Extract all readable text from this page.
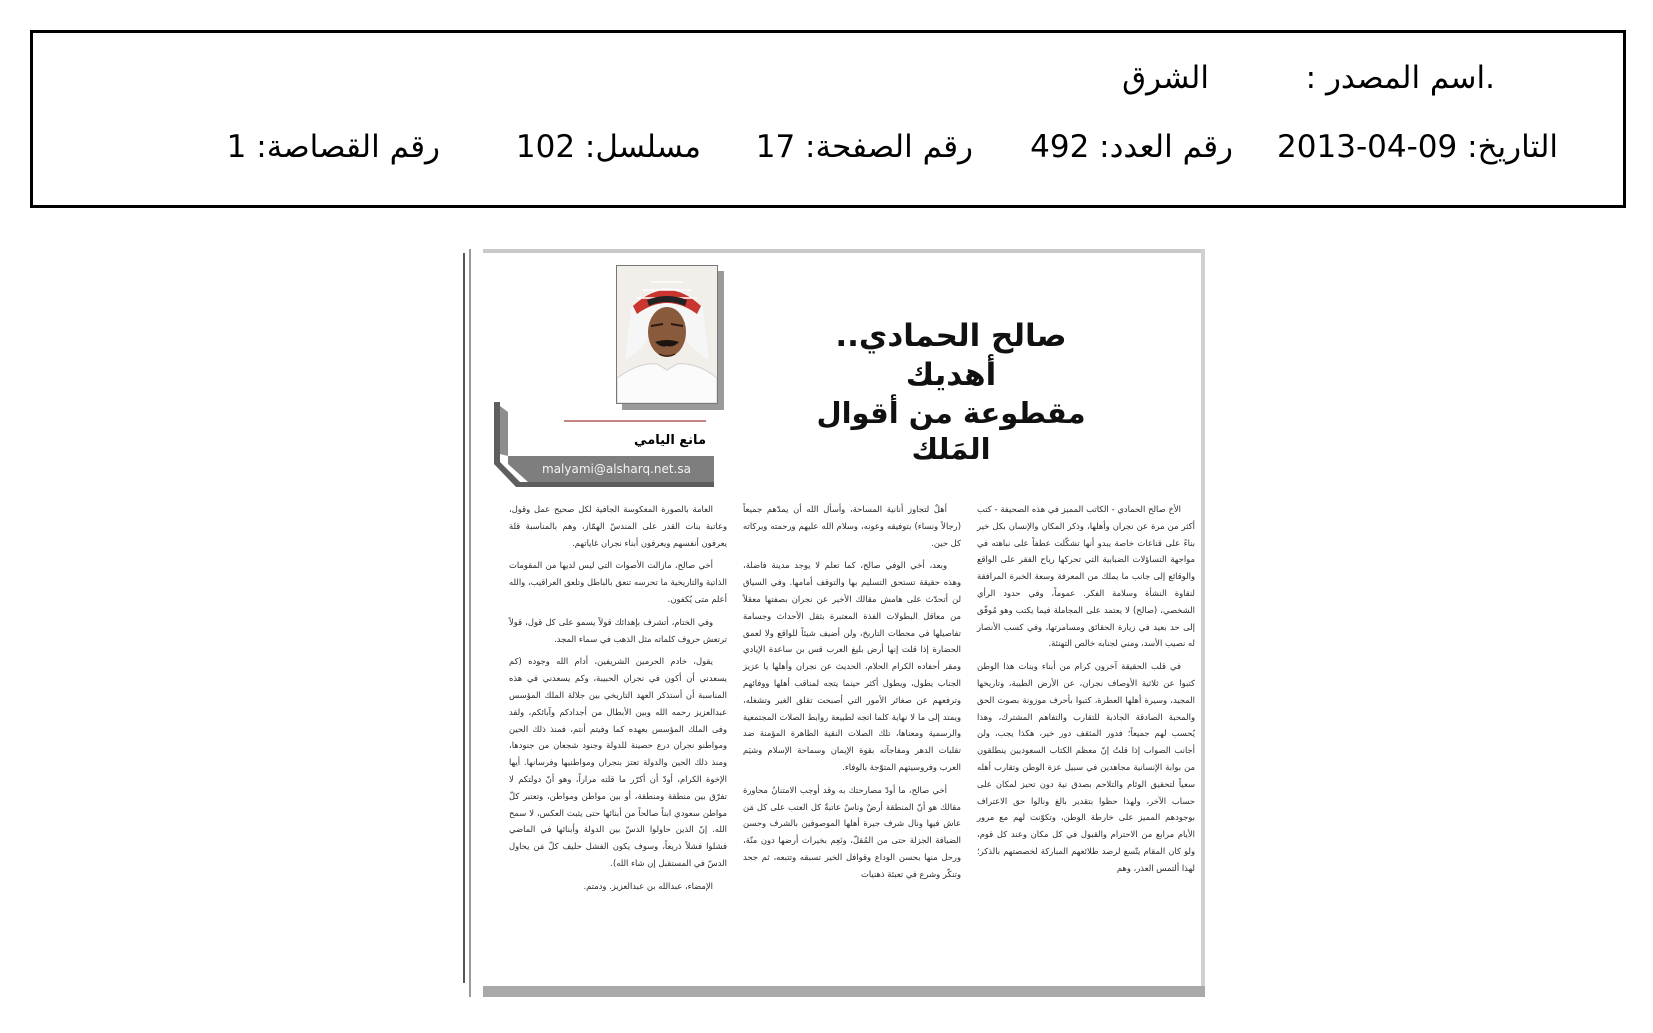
.اسم المصدر :
الشرق
التاريخ: 09-04-2013
رقم العدد: 492
رقم الصفحة: 17
مسلسل: 102
رقم القصاصة: 1
صالح الحمادي.. أهديك
مقطوعة من أقوال المَلك
مانع اليامي
malyami@alsharq.net.sa

الأخ صالح الحمادي - الكاتب المميز في هذه الصحيفة - كتب أكثر من مرة عن نجران وأهلها، وذكر المكان والإنسان بكل خير بناءً على قناعات خاصة يبدو أنها تشكّلت عطفاً على نباهته في مواجهة التساؤلات الضبابية التي تحركها رياح الفقر على الواقع والوقائع إلى جانب ما يملك من المعرفة وسعة الخبرة المرافقة لنقاوة النشأة وسلامة الفكر. عموماً، وفي حدود الرأي الشخصي، (صالح) لا يعتمد على المجاملة فيما يكتب وهو مُوفّق إلى حد بعيد في زيارة الحقائق ومسامرتها، وفي كسب الأنصار له نصيب الأسد، ومني لجنابه خالص التهنئة.

في قلب الحقيقة آخرون كرام من أبناء وبنات هذا الوطن كتبوا عن ثلاثية الأوصاف نجران، عن الأرض الطيبة، وتاريخها المجيد، وسيرة أهلها العطرة، كتبوا بأحرف موزونة بصوت الحق والمحبة الصادقة الجاذبة للتقارب والتفاهم المشترك، وهذا يُحسب لهم جميعاً؛ فدور المثقف دور خير، هكذا يجب، ولن أجانب الصواب إذا قلتُ إنّ معظم الكتاب السعوديين ينطلقون من بوابة الإنسانية مجاهدين في سبيل عزة الوطن وتقارب أهله سعياً لتحقيق الوئام والتلاحم بصدق نية دون تحيز لمكان على حساب الآخر، ولهذا حظوا بتقدير بالغ ونالوا حق الاعتراف بوجودهم المميز على خارطة الوطن، وتكوّنت لهم مع مرور الأيام مرابع من الاحترام والقبول في كل مكان وعند كل قوم، ولو كان المقام يتّسع لرصد طلائعهم المباركة لخصصتهم بالذكر؛ لهذا ألتمس العذر، وهم

أهلٌ لتجاوز أنانية المساحة، وأسأل الله أن يمدّهم جميعاً (رجالاً ونساء) بتوفيقه وعونه، وسلام الله عليهم ورحمته وبركاته كل حين.

وبعد، أخي الوفي صالح، كما تعلم لا يوجد مدينة فاضلة، وهذه حقيقة تستحق التسليم بها والتوقف أمامها. وفي السياق لن أتحدّث على هامش مقالك الأخير عن نجران بصفتها معقلاً من معاقل البطولات الفذة المعتبرة بثقل الأحداث وجسامة تفاصيلها في محطات التاريخ، ولن أضيف شيئاً للواقع ولا لعمق الحضارة إذا قلت إنها أرض بليغ العرب قس بن ساعدة الإيادي ومقر أحفاده الكرام الحلام، الحديث عن نجران وأهلها يا عزيز الجناب يطول، ويطول أكثر حينما يتجه لمناقب أهلها ووفائهم وترفعهم عن صغائر الأمور التي أصبحت تقلق الغير وتشغله، ويمتد إلى ما لا نهاية كلما اتجه لطبيعة روابط الصلات المجتمعية والرسمية ومعناها، تلك الصلات النقية الطاهرة المؤمنة ضد تقلبات الدهر ومفاجآته بقوة الإيمان وسماحة الإسلام وشيَم العرب وفروسيتهم المتوّجة بالوفاء.

أخي صالح، ما أودّ مصارحتك به وقد أوجب الامتنانُ محاورة مقالك هو أنّ المنطقة أرضٌ وناسٌ عاتبةٌ كل العتب على كل مَن عاش فيها ونال شرف جيرة أهلها الموصوفين بالشرف وحسن الضيافة الجزلة حتى من المُقلّ، ونَعِم بخيرات أرضها دون منّة، ورحل منها بحسن الوداع وقوافل الخير تسبقه وتتبعه، ثم جحد وتنكّر وشرع في تعبئة ذهنيات

العامة بالصورة المعكوسة الجافية لكل صحيح عمل وقول، وعاتبة بنات القدر على المندسّ الهمّاز، وهم بالمناسبة قلة يعرفون أنفسهم ويعرفون أبناء نجران غاياتهم.

أخي صالح، مازالت الأصوات التي ليس لديها من المقومات الذاتية والتاريخية ما تحرسه تنعق بالباطل وتلعق العراقيب، والله أعلم متى يُكفون.

وفي الختام، أتشرف بإهدائك قولاً يسمو على كل قول، قولاً ترتعش حروف كلماته مثل الذهب في سماء المجد.

يقول، خادم الحرمين الشريفين، أدام الله وجوده (كم يسعدني أن أكون في نجران الحبيبة، وكم يسعدني في هذه المناسبة أن أستذكر العهد التاريخي بين جلالة الملك المؤسس عبدالعزيز رحمه الله وبين الأبطال من أجدادكم وآبائكم، ولقد وفى الملك المؤسس بعهده كما وفيتم أنتم، فمنذ ذلك الحين ومواطنو نجران درع حصينة للدولة وجنود شجعان من جنودها، ومنذ ذلك الحين والدولة تعتز بنجران ومواطنيها وفرسانها. أيها الإخوة الكرام، أودّ أن أكرّر ما قلته مراراً، وهو أنّ دولتكم لا تفرّق بين منطقة ومنطقة، أو بين مواطن ومواطن، وتعتبر كلّ مواطن سعودي ابناً صالحاً من أبنائها حتى يثبت العكس، لا سمح الله. إنّ الذين حاولوا الدسّ بين الدولة وأبنائها في الماضي فشلوا فشلاً ذريعاً، وسوف يكون الفشل حليف كلّ مَن يحاول الدسّ في المستقبل إن شاء الله).

الإمضاء، عبدالله بن عبدالعزيز. ودمتم.
